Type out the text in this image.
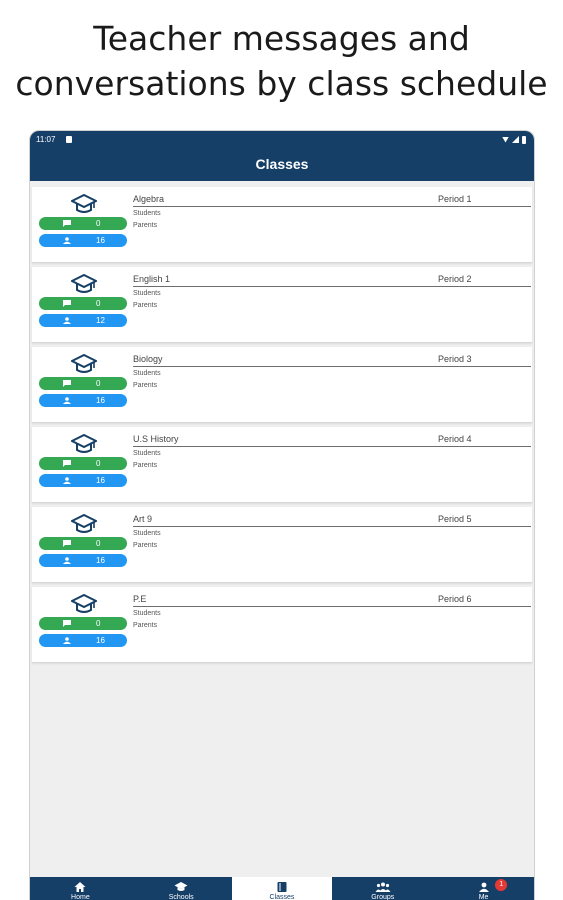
Teacher messages and
conversations by class schedule
11:07
Classes
0
16
Algebra	Period 1
Students
Parents
0
12
English 1	Period 2
Students
Parents
0
16
Biology	Period 3
Students
Parents
0
16
U.S History	Period 4
Students
Parents
0
16
Art 9	Period 5
Students
Parents
0
16
P.E	Period 6
Students
Parents
Home	Schools	Classes	Groups
1
Me
